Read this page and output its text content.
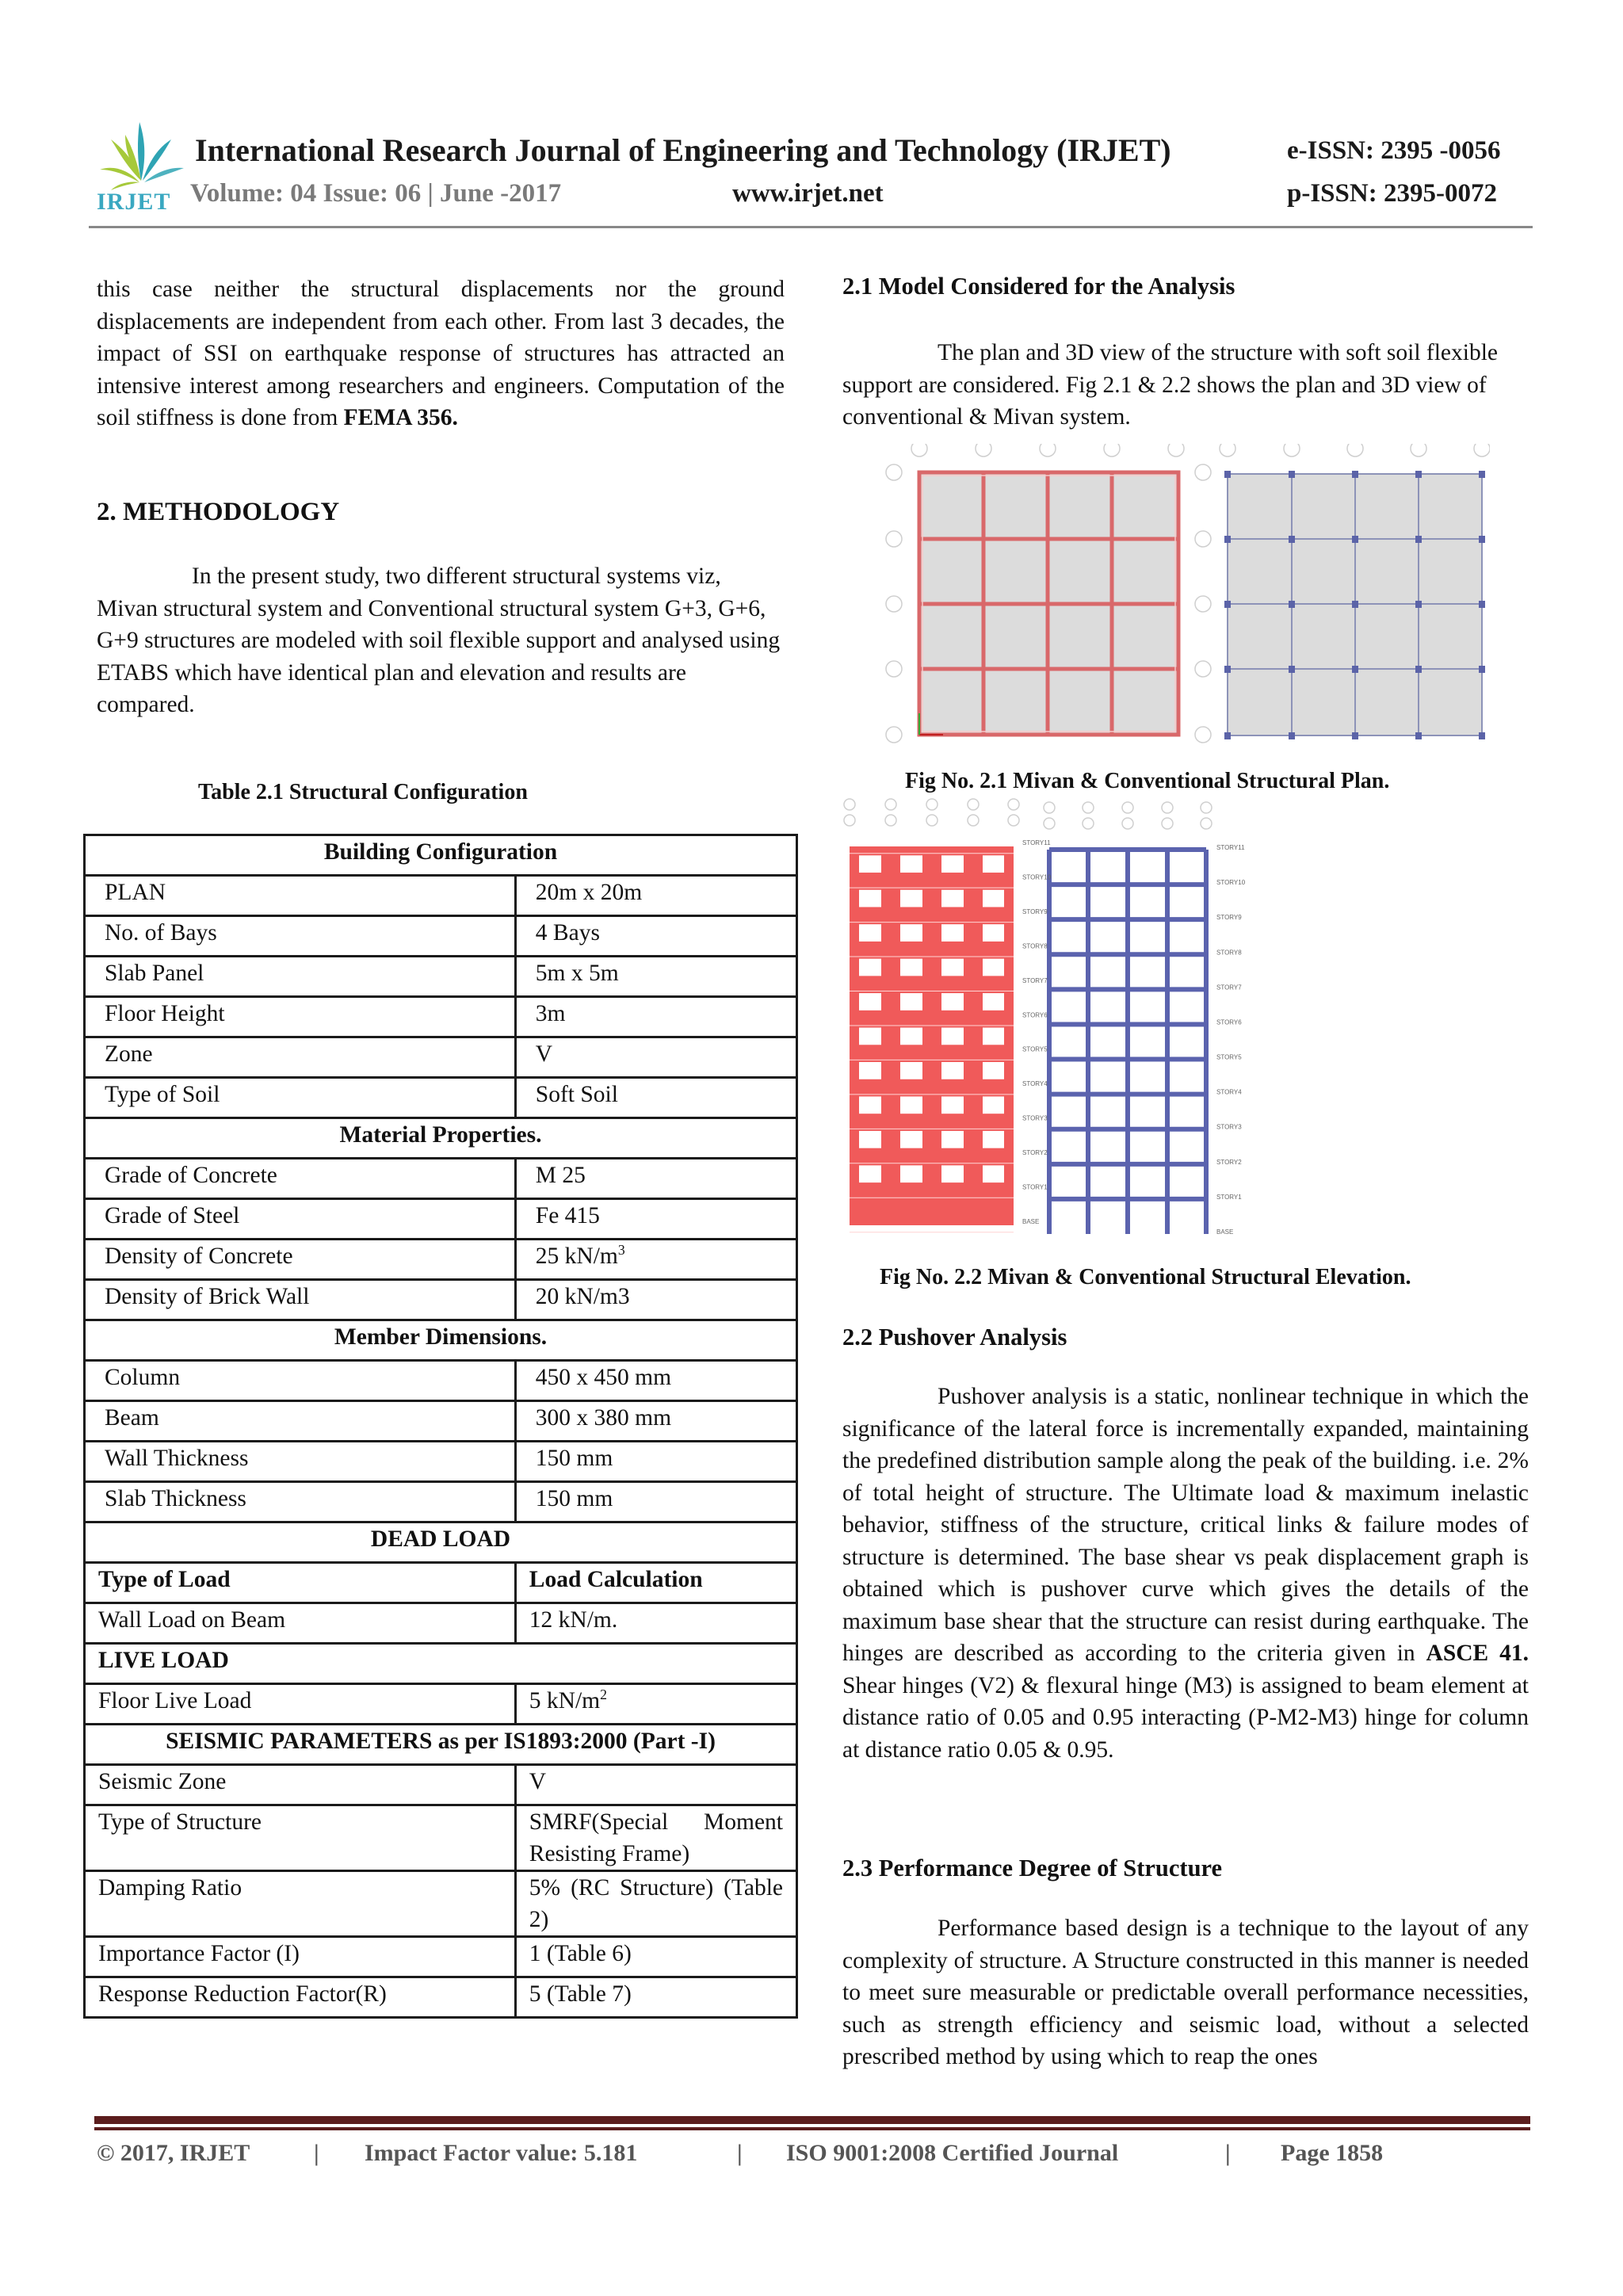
IRJET
International Research Journal of Engineering and Technology (IRJET)	e-ISSN: 2395 -0056
Volume: 04 Issue: 06 | June -2017	www.irjet.net	p-ISSN: 2395-0072
this case neither the structural displacements nor the ground displacements are independent from each other. From last 3 decades, the impact of SSI on earthquake response of structures has attracted an intensive interest among researchers and engineers. Computation of the soil stiffness is done from FEMA 356.
2. METHODOLOGY
In the present study, two different structural systems viz, Mivan structural system and Conventional structural system G+3, G+6, G+9 structures are modeled with soil flexible support and analysed using ETABS which have identical plan and elevation and results are compared.
Table 2.1 Structural Configuration
Building Configuration	
PLAN	20m x 20m
No. of Bays	4 Bays
Slab Panel	5m x 5m
Floor Height	3m
Zone	V
Type of Soil	Soft Soil
Material Properties.	
Grade of Concrete	M 25
Grade of Steel	Fe 415
Density of Concrete	25 $kN/m^3$
Density of Brick Wall	20 kN/m3
Member Dimensions.	
Column	450 x 450 mm
Beam	300 x 380 mm
Wall Thickness	150 mm
Slab Thickness	150 mm
DEAD LOAD	
Type of Load	Load Calculation
Wall Load on Beam	12 kN/m.
LIVE LOAD	
Floor Live Load	5 $kN/m^2$
SEISMIC PARAMETERS as per IS1893:2000 (Part -I)	
Seismic Zone	V
Type of Structure	SMRF(Special Moment Resisting Frame)
Damping Ratio	5% (RC Structure) (Table 2)
Importance Factor (I)	1 (Table 6)
Response Reduction Factor(R)	5 (Table 7)
2.1 Model Considered for the Analysis
The plan and 3D view of the structure with soft soil flexible support are considered. Fig 2.1 & 2.2 shows the plan and 3D view of conventional & Mivan system.
Fig No. 2.1 Mivan & Conventional Structural Plan.
STORY11
STORY11
STORY10
STORY10
STORY9
STORY9
STORY8
STORY8
STORY7
STORY7
STORY6
STORY6
STORY5
STORY5
STORY4
STORY4
STORY3
STORY3
STORY2
STORY2
STORY1
STORY1
BASE
BASE
Fig No. 2.2 Mivan & Conventional Structural Elevation.
2.2 Pushover Analysis
Pushover analysis is a static, nonlinear technique in which the significance of the lateral force is incrementally expanded, maintaining the predefined distribution sample along the peak of the building. i.e. 2% of total height of structure. The Ultimate load & maximum inelastic behavior, stiffness of the structure, critical links & failure modes of structure is determined. The base shear vs peak displacement graph is obtained which is pushover curve which gives the details of the maximum base shear that the structure can resist during earthquake. The hinges are described as according to the criteria given in ASCE 41. Shear hinges (V2) & flexural hinge (M3) is assigned to beam element at distance ratio of 0.05 and 0.95 interacting (P-M2-M3) hinge for column at distance ratio 0.05 & 0.95.
2.3 Performance Degree of Structure
Performance based design is a technique to the layout of any complexity of structure. A Structure constructed in this manner is needed to meet sure measurable or predictable overall performance necessities, such as strength efficiency and seismic load, without a selected prescribed method by using which to reap the ones
© 2017, IRJET	| Impact Factor value: 5.181	| ISO 9001:2008 Certified Journal	| Page 1858
